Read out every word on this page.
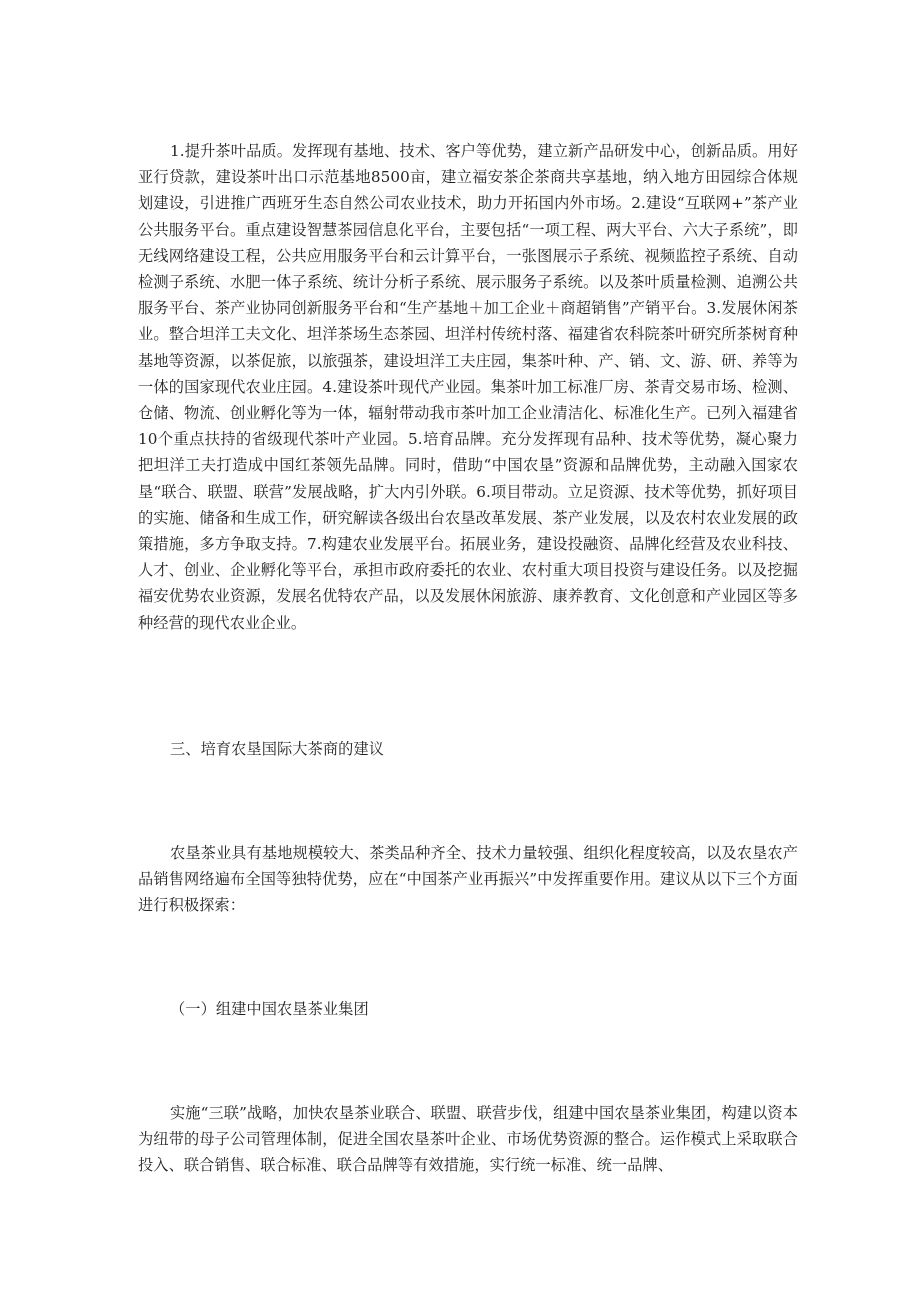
1.提升茶叶品质。发挥现有基地、技术、客户等优势，建立新产品研发中心，创新品质。用好亚行贷款，建设茶叶出口示范基地8500亩，建立福安茶企茶商共享基地，纳入地方田园综合体规划建设，引进推广西班牙生态自然公司农业技术，助力开拓国内外市场。2.建设“互联网+”茶产业公共服务平台。重点建设智慧茶园信息化平台，主要包括“一项工程、两大平台、六大子系统”，即无线网络建设工程，公共应用服务平台和云计算平台，一张图展示子系统、视频监控子系统、自动检测子系统、水肥一体子系统、统计分析子系统、展示服务子系统。以及茶叶质量检测、追溯公共服务平台、茶产业协同创新服务平台和“生产基地＋加工企业＋商超销售”产销平台。3.发展休闲茶业。整合坦洋工夫文化、坦洋茶场生态茶园、坦洋村传统村落、福建省农科院茶叶研究所茶树育种基地等资源，以茶促旅，以旅强茶，建设坦洋工夫庄园，集茶叶种、产、销、文、游、研、养等为一体的国家现代农业庄园。4.建设茶叶现代产业园。集茶叶加工标准厂房、茶青交易市场、检测、仓储、物流、创业孵化等为一体，辐射带动我市茶叶加工企业清洁化、标准化生产。已列入福建省10个重点扶持的省级现代茶叶产业园。5.培育品牌。充分发挥现有品种、技术等优势，凝心聚力把坦洋工夫打造成中国红茶领先品牌。同时，借助“中国农垦”资源和品牌优势，主动融入国家农垦“联合、联盟、联营”发展战略，扩大内引外联。6.项目带动。立足资源、技术等优势，抓好项目的实施、储备和生成工作，研究解读各级出台农垦改革发展、茶产业发展，以及农村农业发展的政策措施，多方争取支持。7.构建农业发展平台。拓展业务，建设投融资、品牌化经营及农业科技、人才、创业、企业孵化等平台，承担市政府委托的农业、农村重大项目投资与建设任务。以及挖掘福安优势农业资源，发展名优特农产品，以及发展休闲旅游、康养教育、文化创意和产业园区等多种经营的现代农业企业。

三、培育农垦国际大茶商的建议

农垦茶业具有基地规模较大、茶类品种齐全、技术力量较强、组织化程度较高，以及农垦农产品销售网络遍布全国等独特优势，应在“中国茶产业再振兴”中发挥重要作用。建议从以下三个方面进行积极探索：

（一）组建中国农垦茶业集团

实施“三联”战略，加快农垦茶业联合、联盟、联营步伐，组建中国农垦茶业集团，构建以资本为纽带的母子公司管理体制，促进全国农垦茶叶企业、市场优势资源的整合。运作模式上采取联合投入、联合销售、联合标准、联合品牌等有效措施，实行统一标准、统一品牌、
